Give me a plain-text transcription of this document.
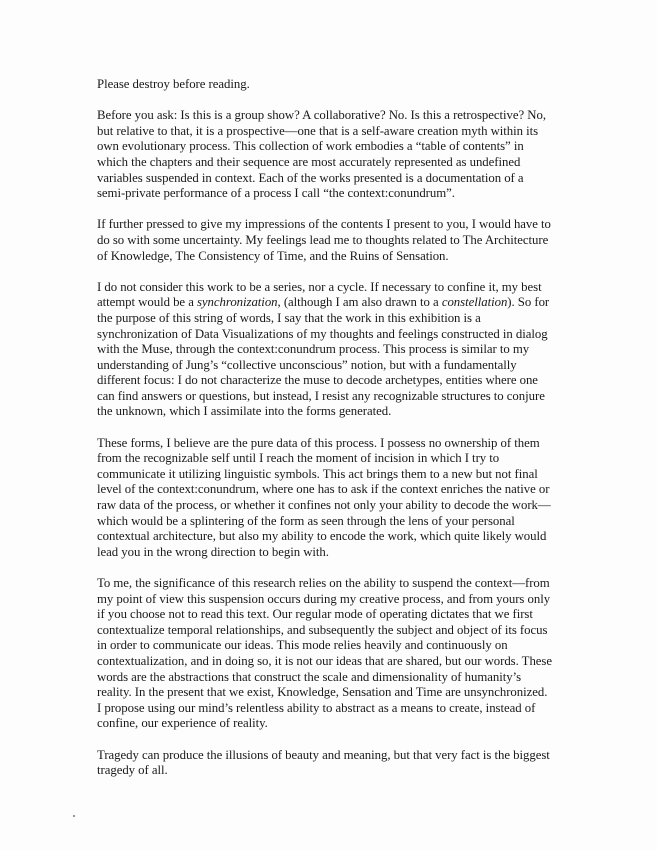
Please destroy before reading.

Before you ask: Is this is a group show? A collaborative? No. Is this a retrospective? No,
but relative to that, it is a prospective—one that is a self-aware creation myth within its
own evolutionary process. This collection of work embodies a “table of contents” in
which the chapters and their sequence are most accurately represented as undefined
variables suspended in context. Each of the works presented is a documentation of a
semi-private performance of a process I call “the context:conundrum”.

If further pressed to give my impressions of the contents I present to you, I would have to
do so with some uncertainty. My feelings lead me to thoughts related to The Architecture
of Knowledge, The Consistency of Time, and the Ruins of Sensation.

I do not consider this work to be a series, nor a cycle. If necessary to confine it, my best
attempt would be a synchronization, (although I am also drawn to a constellation). So for
the purpose of this string of words, I say that the work in this exhibition is a
synchronization of Data Visualizations of my thoughts and feelings constructed in dialog
with the Muse, through the context:conundrum process. This process is similar to my
understanding of Jung’s “collective unconscious” notion, but with a fundamentally
different focus: I do not characterize the muse to decode archetypes, entities where one
can find answers or questions, but instead, I resist any recognizable structures to conjure
the unknown, which I assimilate into the forms generated.

These forms, I believe are the pure data of this process. I possess no ownership of them
from the recognizable self until I reach the moment of incision in which I try to
communicate it utilizing linguistic symbols. This act brings them to a new but not final
level of the context:conundrum, where one has to ask if the context enriches the native or
raw data of the process, or whether it confines not only your ability to decode the work—
which would be a splintering of the form as seen through the lens of your personal
contextual architecture, but also my ability to encode the work, which quite likely would
lead you in the wrong direction to begin with.

To me, the significance of this research relies on the ability to suspend the context—from
my point of view this suspension occurs during my creative process, and from yours only
if you choose not to read this text. Our regular mode of operating dictates that we first
contextualize temporal relationships, and subsequently the subject and object of its focus
in order to communicate our ideas. This mode relies heavily and continuously on
contextualization, and in doing so, it is not our ideas that are shared, but our words. These
words are the abstractions that construct the scale and dimensionality of humanity’s
reality. In the present that we exist, Knowledge, Sensation and Time are unsynchronized.
I propose using our mind’s relentless ability to abstract as a means to create, instead of
confine, our experience of reality.

Tragedy can produce the illusions of beauty and meaning, but that very fact is the biggest
tragedy of all.
